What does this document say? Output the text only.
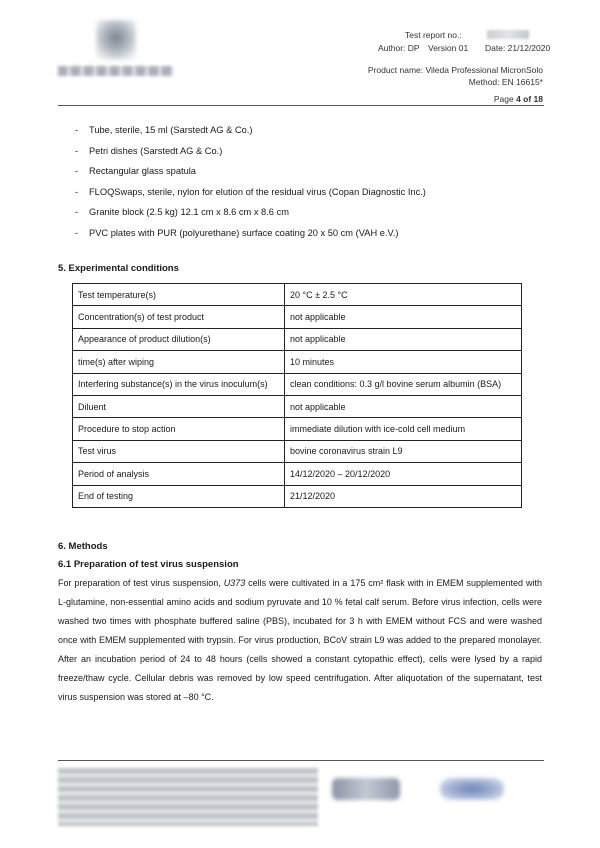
Test report no.:
Author: DP Version 01 Date: 21/12/2020
Product name: Vileda Professional MicronSolo
Method: EN 16615*
Page 4 of 18
- Tube, sterile, 15 ml (Sarstedt AG & Co.)
- Petri dishes (Sarstedt AG & Co.)
- Rectangular glass spatula
- FLOQSwaps, sterile, nylon for elution of the residual virus (Copan Diagnostic Inc.)
- Granite block (2.5 kg) 12.1 cm x 8.6 cm x 8.6 cm
- PVC plates with PUR (polyurethane) surface coating 20 x 50 cm (VAH e.V.)
5. Experimental conditions
Test temperature(s)	20 °C ± 2.5 °C
Concentration(s) of test product	not applicable
Appearance of product dilution(s)	not applicable
time(s) after wiping	10 minutes
Interfering substance(s) in the virus inoculum(s)	clean conditions: 0.3 g/l bovine serum albumin (BSA)
Diluent	not applicable
Procedure to stop action	immediate dilution with ice-cold cell medium
Test virus	bovine coronavirus strain L9
Period of analysis	14/12/2020 – 20/12/2020
End of testing	21/12/2020
6. Methods
6.1 Preparation of test virus suspension
For preparation of test virus suspension, U373 cells were cultivated in a 175 cm² flask with in EMEM supplemented with L-glutamine, non-essential amino acids and sodium pyruvate and 10 % fetal calf serum. Before virus infection, cells were washed two times with phosphate buffered saline (PBS), incubated for 3 h with EMEM without FCS and were washed once with EMEM supplemented with trypsin. For virus production, BCoV strain L9 was added to the prepared monolayer. After an incubation period of 24 to 48 hours (cells showed a constant cytopathic effect), cells were lysed by a rapid freeze/thaw cycle. Cellular debris was removed by low speed centrifugation. After aliquotation of the supernatant, test virus suspension was stored at –80 °C.
